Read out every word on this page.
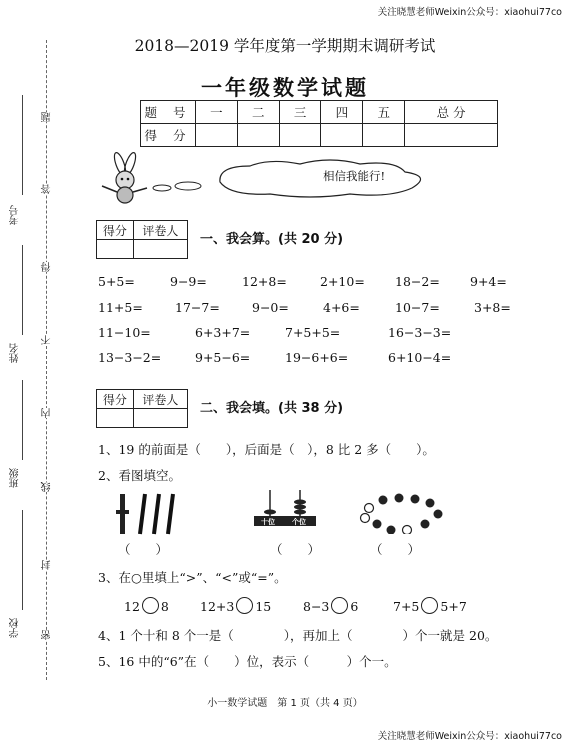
关注晓慧老师Weixin公众号：xiaohui77co
关注晓慧老师Weixin公众号：xiaohui77co
考号
姓名
班级
学校
题
答
得
不
内
线
封
密
2018—2019 学年度第一学期期末调研考试
一年级数学试题
题 号	一	二	三	四	五	总 分
得 分						
相信我能行!
得分	评卷人

一、我会算。(共 20 分)
5+5=	9−9=	12+8=	2+10= 18−2= 9+4=
11+5=	17−7=	9−0=	4+6=	10−7=	3+8=
11−10=	6+3+7=	7+5+5=	16−3−3=
13−3−2=	9+5−6=	19−6+6=	6+10−4=
得分	评卷人

二、我会填。(共 38 分)
1、19 的前面是（　　），后面是（　），8 比 2 多（　　）。
2、看图填空。
（　　）
十位 个位
（　　）	（　　）
3、在○里填上“>”、“<”或“=”。
12 8 12+3 15	8−3 6	7+5 5+7
4、1 个十和 8 个一是（　　　　），再加上（　　　　）个一就是 20。
5、16 中的“6”在（　　）位，表示（　　　）个一。
小一数学试题　第 1 页（共 4 页）
